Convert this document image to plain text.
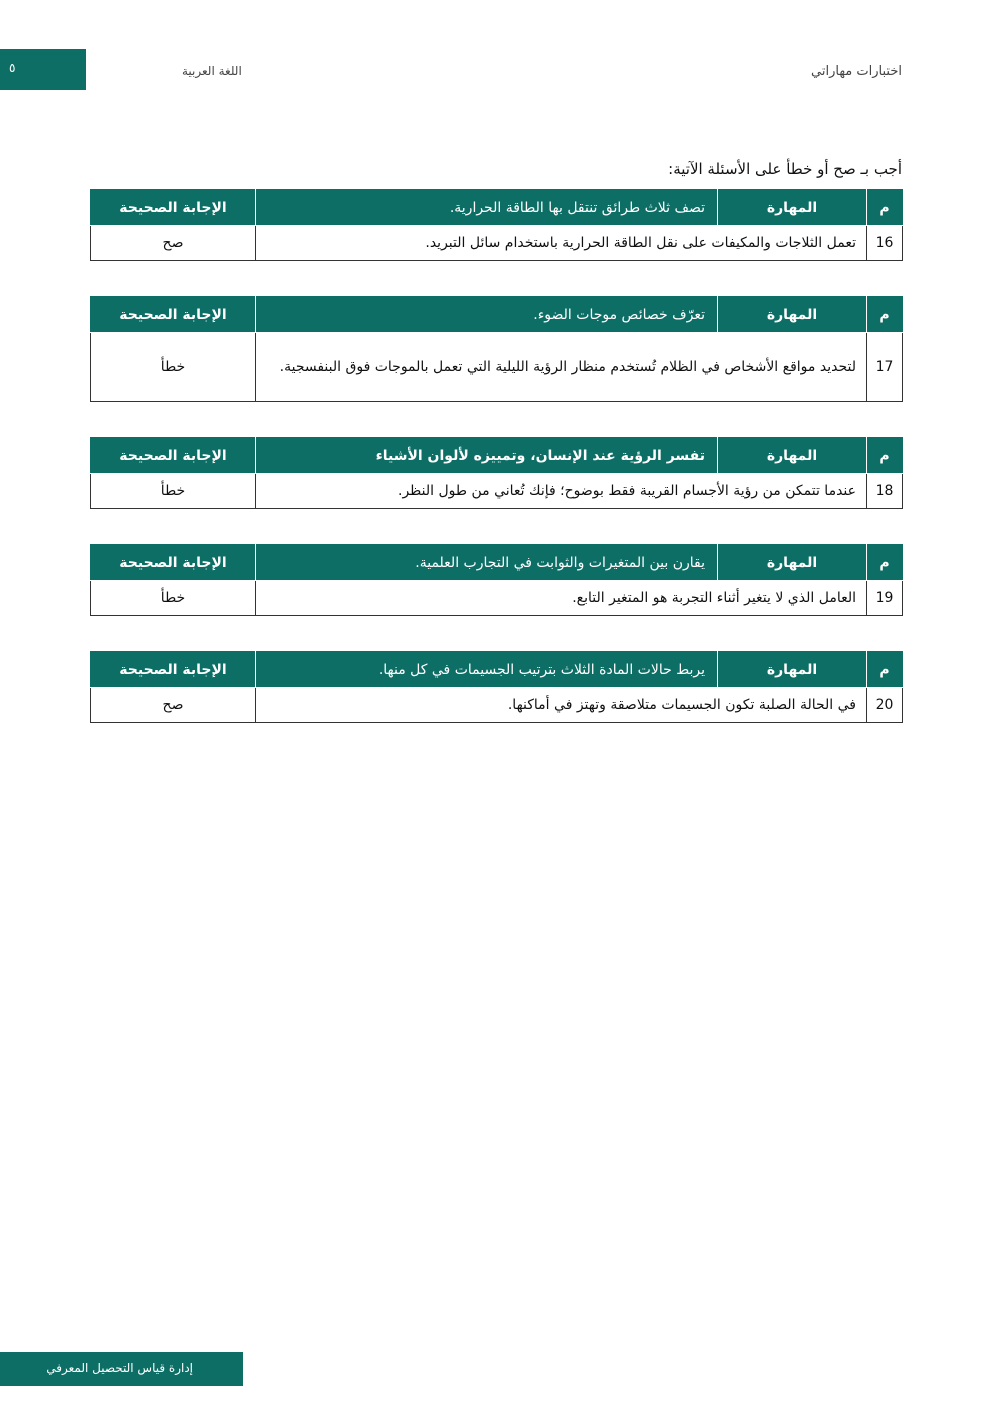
٥	اللغة العربية	اختبارات مهاراتي
أجب بـ صح أو خطأ على الأسئلة الآتية:
م	المهارة	تصف ثلاث طرائق تنتقل بها الطاقة الحرارية.	الإجابة الصحيحة
16	تعمل الثلاجات والمكيفات على نقل الطاقة الحرارية باستخدام سائل التبريد.		صح
م	المهارة	تعرّف خصائص موجات الضوء.	الإجابة الصحيحة
17	لتحديد مواقع الأشخاص في الظلام تُستخدم منظار الرؤية الليلية التي تعمل بالموجات فوق البنفسجية.		خطأ
م	المهارة	تفسر الرؤية عند الإنسان، وتمييزه لألوان الأشياء	الإجابة الصحيحة
18	عندما تتمكن من رؤية الأجسام القريبة فقط بوضوح؛ فإنك تُعاني من طول النظر.		خطأ
م	المهارة	يقارن بين المتغيرات والثوابت في التجارب العلمية.	الإجابة الصحيحة
19	العامل الذي لا يتغير أثناء التجربة هو المتغير التابع.		خطأ
م	المهارة	يربط حالات المادة الثلاث بترتيب الجسيمات في كل منها.	الإجابة الصحيحة
20	في الحالة الصلبة تكون الجسيمات متلاصقة وتهتز في أماكنها.		صح
إدارة قياس التحصيل المعرفي
